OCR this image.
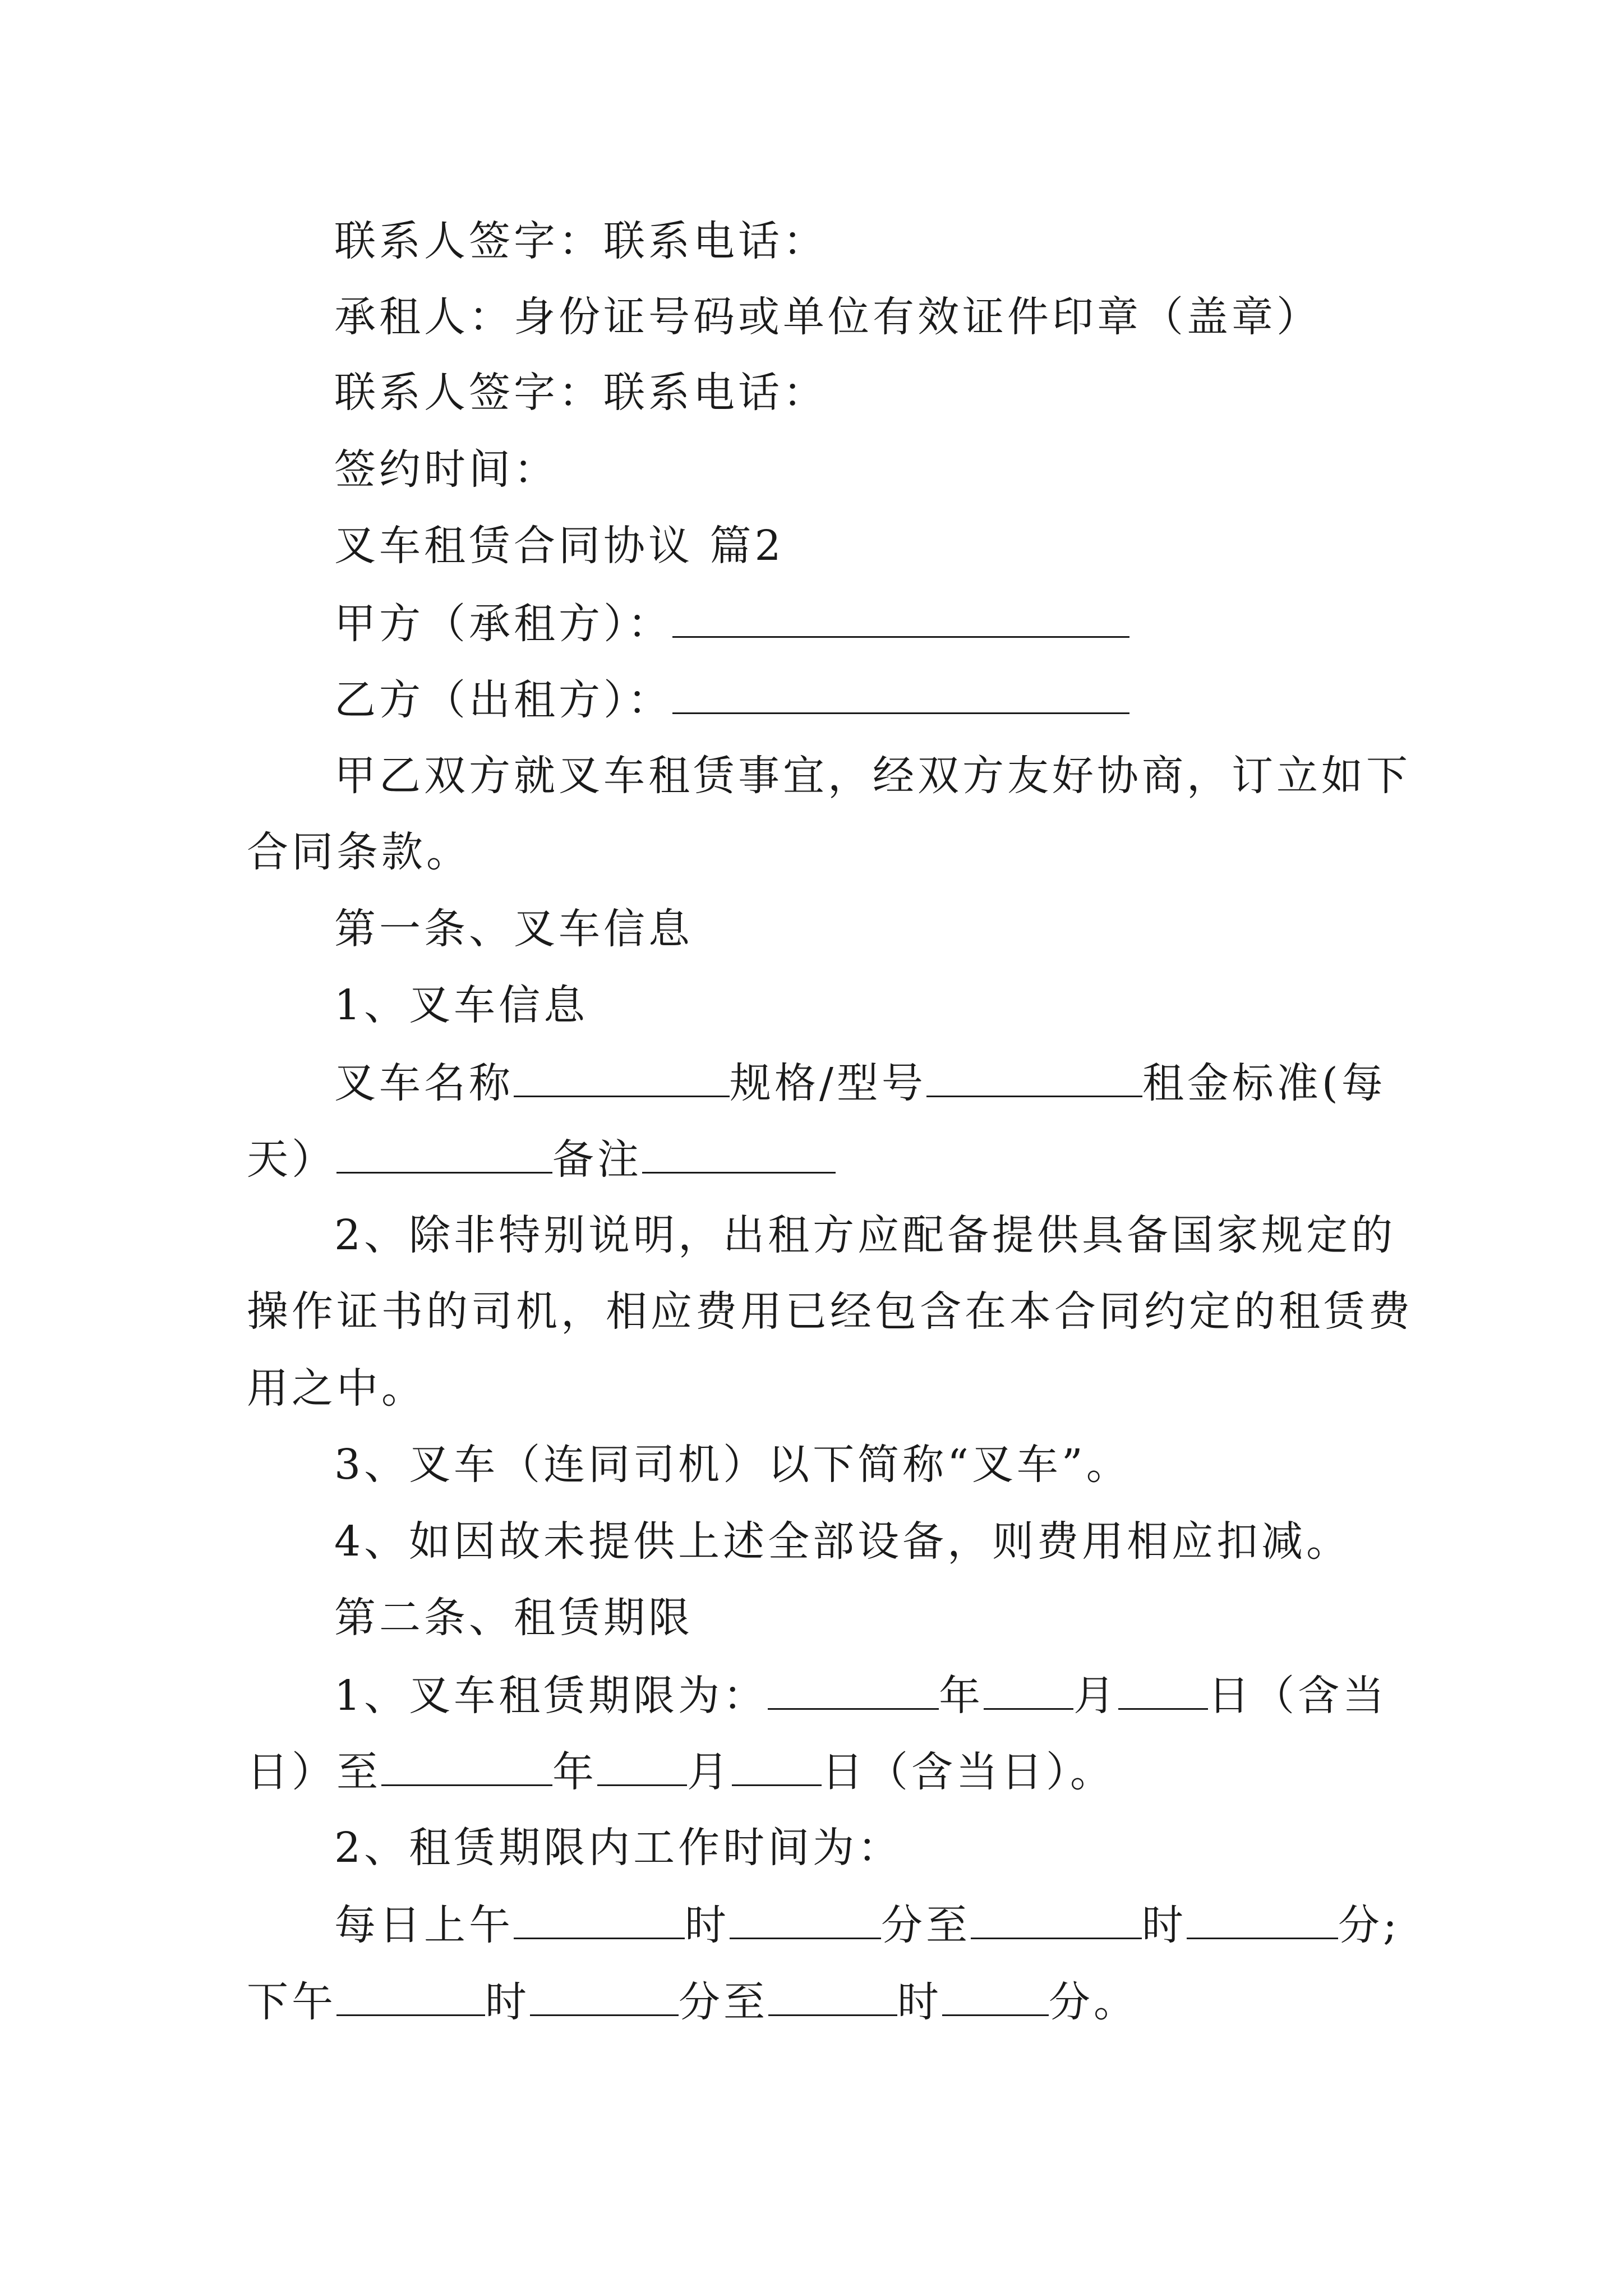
联系人签字：联系电话：
承租人：身份证号码或单位有效证件印章（盖章）
联系人签字：联系电话：
签约时间：
叉车租赁合同协议 篇2
甲方（承租方）：
乙方（出租方）：
甲乙双方就叉车租赁事宜，经双方友好协商，订立如下
合同条款。
第一条、叉车信息
1、叉车信息
叉车名称	规格/型号	租金标准(每
天）	备注
2、除非特别说明，出租方应配备提供具备国家规定的
操作证书的司机，相应费用已经包含在本合同约定的租赁费
用之中。
3、叉车（连同司机）以下简称“叉车”。
4、如因故未提供上述全部设备，则费用相应扣减。
第二条、租赁期限
1、叉车租赁期限为：	年 月 日（含当
日）至	年 月 日（含当日）。
2、租赁期限内工作时间为：
每日上午	时	分至	时	分;
下午	时	分至	时	分。
